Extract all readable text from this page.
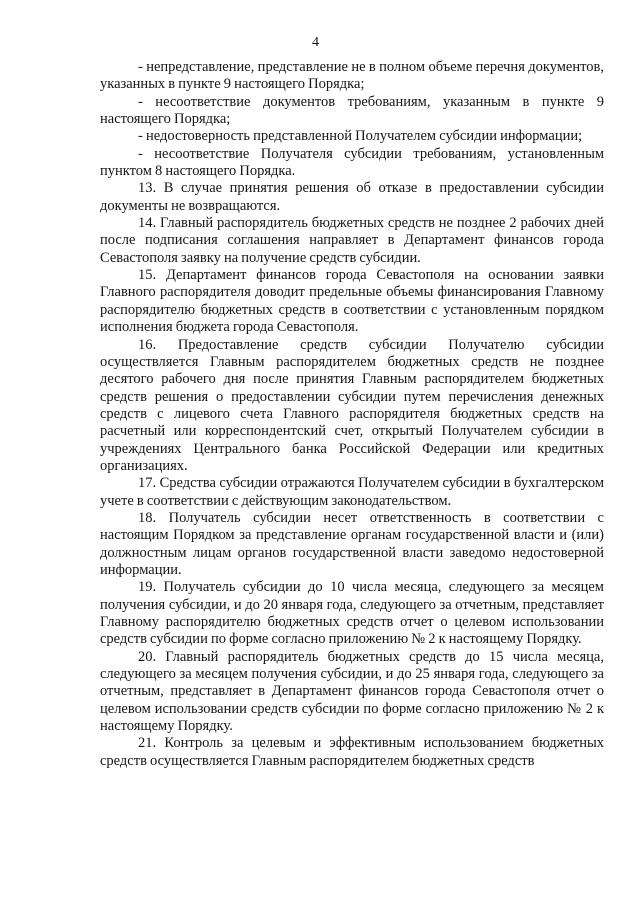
4

- непредставление, представление не в полном объеме перечня документов, указанных в пункте 9 настоящего Порядка;

- несоответствие документов требованиям, указанным в пункте 9 настоящего Порядка;

- недостоверность представленной Получателем субсидии информации;

- несоответствие Получателя субсидии требованиям, установленным пунктом 8 настоящего Порядка.

13. В случае принятия решения об отказе в предоставлении субсидии документы не возвращаются.

14. Главный распорядитель бюджетных средств не позднее 2 рабочих дней после подписания соглашения направляет в Департамент финансов города Севастополя заявку на получение средств субсидии.

15. Департамент финансов города Севастополя на основании заявки Главного распорядителя доводит предельные объемы финансирования Главному распорядителю бюджетных средств в соответствии с установленным порядком исполнения бюджета города Севастополя.

16. Предоставление средств субсидии Получателю субсидии осуществляется Главным распорядителем бюджетных средств не позднее десятого рабочего дня после принятия Главным распорядителем бюджетных средств решения о предоставлении субсидии путем перечисления денежных средств с лицевого счета Главного распорядителя бюджетных средств на расчетный или корреспондентский счет, открытый Получателем субсидии в учреждениях Центрального банка Российской Федерации или кредитных организациях.

17. Средства субсидии отражаются Получателем субсидии в бухгалтерском учете в соответствии с действующим законодательством.

18. Получатель субсидии несет ответственность в соответствии с настоящим Порядком за представление органам государственной власти и (или) должностным лицам органов государственной власти заведомо недостоверной информации.

19. Получатель субсидии до 10 числа месяца, следующего за месяцем получения субсидии, и до 20 января года, следующего за отчетным, представляет Главному распорядителю бюджетных средств отчет о целевом использовании средств субсидии по форме согласно приложению № 2 к настоящему Порядку.

20. Главный распорядитель бюджетных средств до 15 числа месяца, следующего за месяцем получения субсидии, и до 25 января года, следующего за отчетным, представляет в Департамент финансов города Севастополя отчет о целевом использовании средств субсидии по форме согласно приложению № 2 к настоящему Порядку.

21. Контроль за целевым и эффективным использованием бюджетных средств осуществляется Главным распорядителем бюджетных средств
